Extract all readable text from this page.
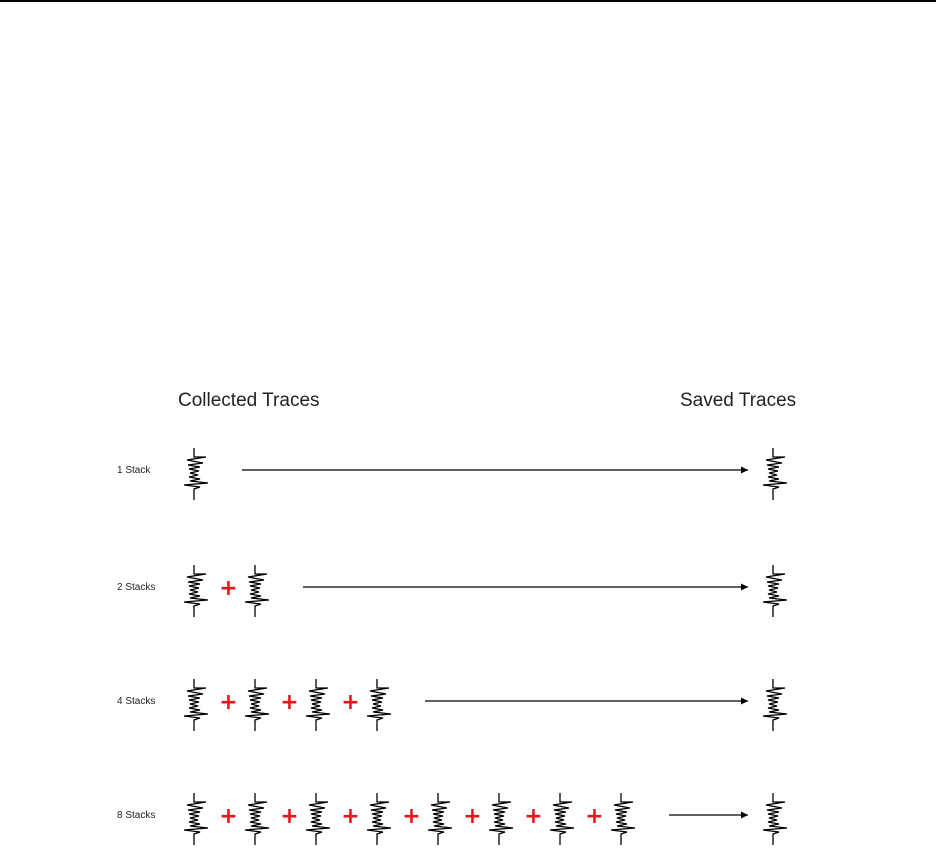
Collected Traces	Saved Traces
1 Stack
2 Stacks	+
4 Stacks	+ + +
8 Stacks	+ + + + + + +
